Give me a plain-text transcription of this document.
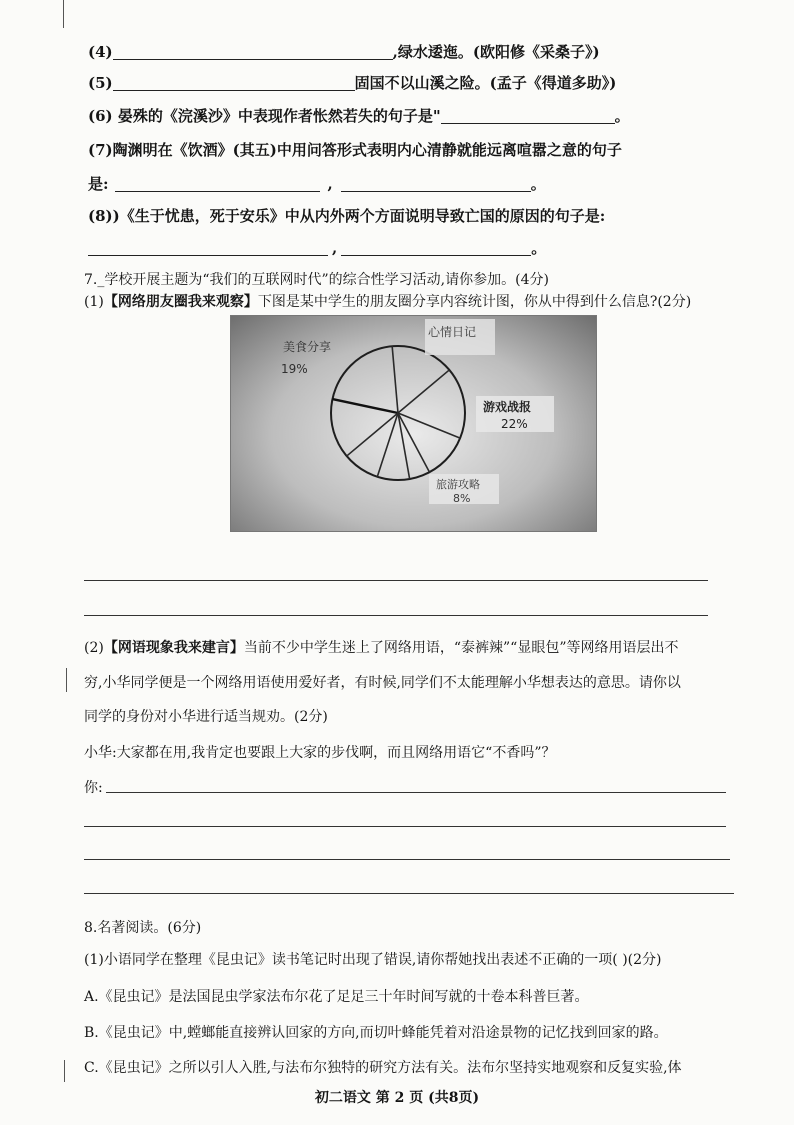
(4)	,绿水逶迤。(欧阳修《采桑子》)
(5)	固国不以山溪之险。(孟子《得道多助》)
(6) 晏殊的《浣溪沙》中表现作者怅然若失的句子是"	。
(7)陶渊明在《饮酒》(其五)中用问答形式表明内心清静就能远离喧嚣之意的句子
是:	,	。
(8))《生于忧患，死于安乐》中从内外两个方面说明导致亡国的原因的句子是:
,	。
7._学校开展主题为“我们的互联网时代”的综合性学习活动,请你参加。(4分)
(1)【网络朋友圈我来观察】下图是某中学生的朋友圈分享内容统计图，你从中得到什么信息?(2分)
心情日记
美食分享
19%
游戏战报
22%
旅游攻略
8%
(2)【网语现象我来建言】当前不少中学生迷上了网络用语，“泰裤辣”“显眼包”等网络用语层出不
穷,小华同学便是一个网络用语使用爱好者，有时候,同学们不太能理解小华想表达的意思。请你以
同学的身份对小华进行适当规劝。(2分)
小华:大家都在用,我肯定也要跟上大家的步伐啊，而且网络用语它“不香吗”？
你:
8.名著阅读。(6分)
(1)小语同学在整理《昆虫记》读书笔记时出现了错误,请你帮她找出表述不正确的一项( )(2分)
A.《昆虫记》是法国昆虫学家法布尔花了足足三十年时间写就的十卷本科普巨著。
B.《昆虫记》中,螳螂能直接辨认回家的方向,而切叶蜂能凭着对沿途景物的记忆找到回家的路。
C.《昆虫记》之所以引人入胜,与法布尔独特的研究方法有关。法布尔坚持实地观察和反复实验,体
初二语文 第 2 页 (共8页)
